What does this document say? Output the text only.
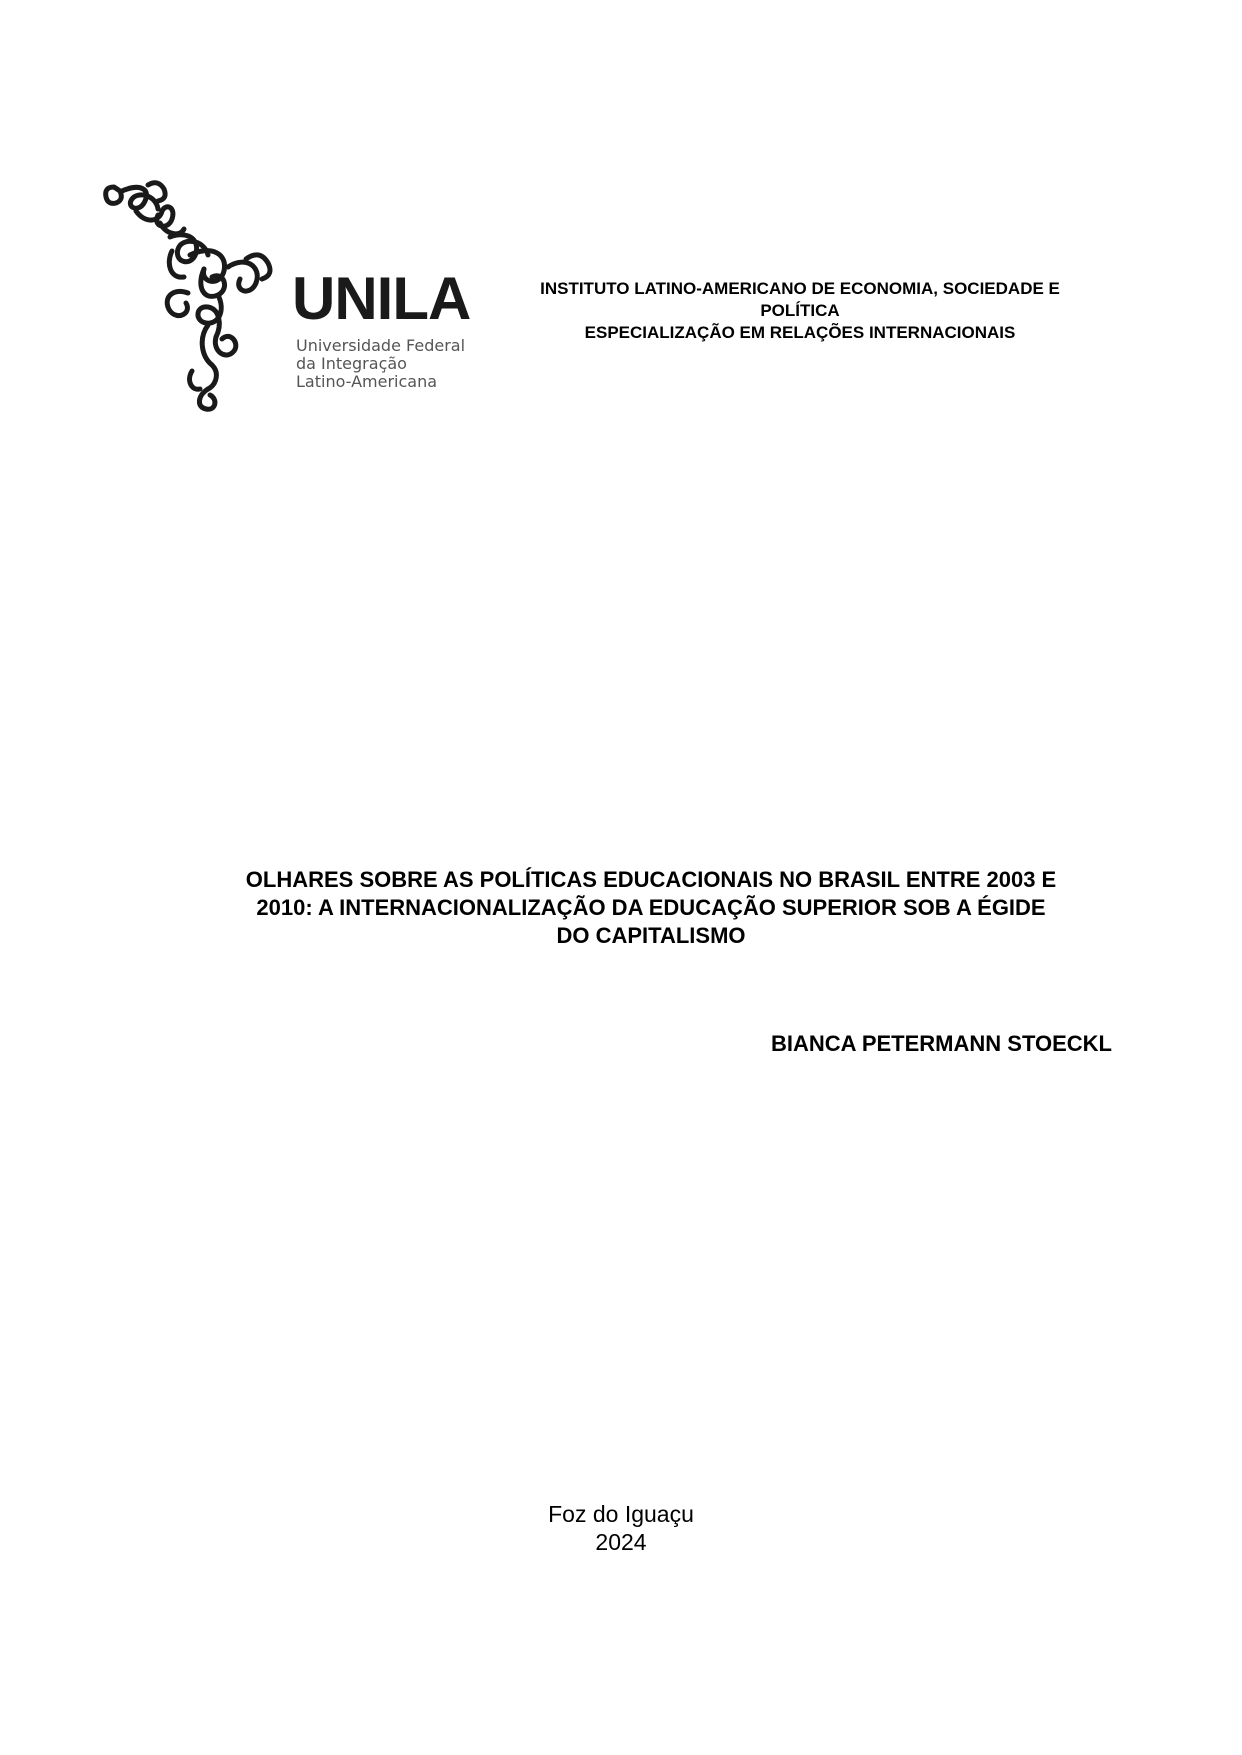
UNILA
Universidade Federal
da Integração
Latino-Americana
INSTITUTO LATINO-AMERICANO DE ECONOMIA, SOCIEDADE E
POLÍTICA
ESPECIALIZAÇÃO EM RELAÇÕES INTERNACIONAIS
OLHARES SOBRE AS POLÍTICAS EDUCACIONAIS NO BRASIL ENTRE 2003 E
2010: A INTERNACIONALIZAÇÃO DA EDUCAÇÃO SUPERIOR SOB A ÉGIDE
DO CAPITALISMO
BIANCA PETERMANN STOECKL
Foz do Iguaçu
2024
